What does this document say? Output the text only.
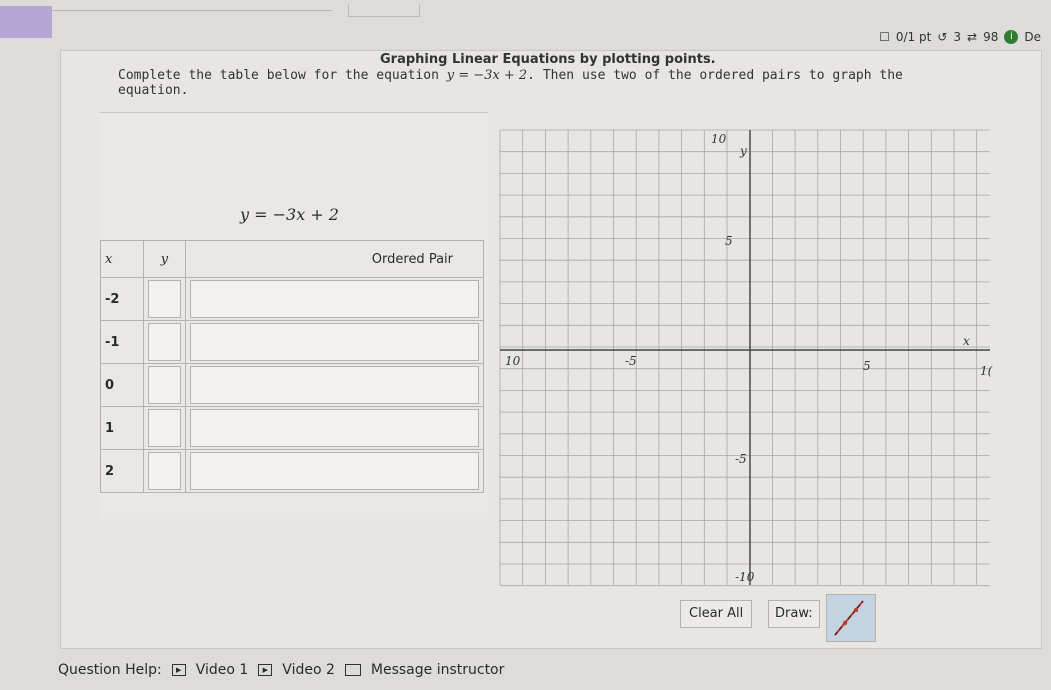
☐ 0/1 pt ↺ 3 ⇄ 98	i De
Graphing Linear Equations by plotting points.
Complete the table below for the equation y = −3x + 2. Then use two of the ordered pairs to graph the equation.
y = −3x + 2
x	y	Ordered Pair
-2	

-1	

0	

1	

2	

x
y
10	-5	5	1(
10
5
-5
-10
Clear All	Draw:
Question Help:	▶	Video 1	▶	Video 2	Message instructor
